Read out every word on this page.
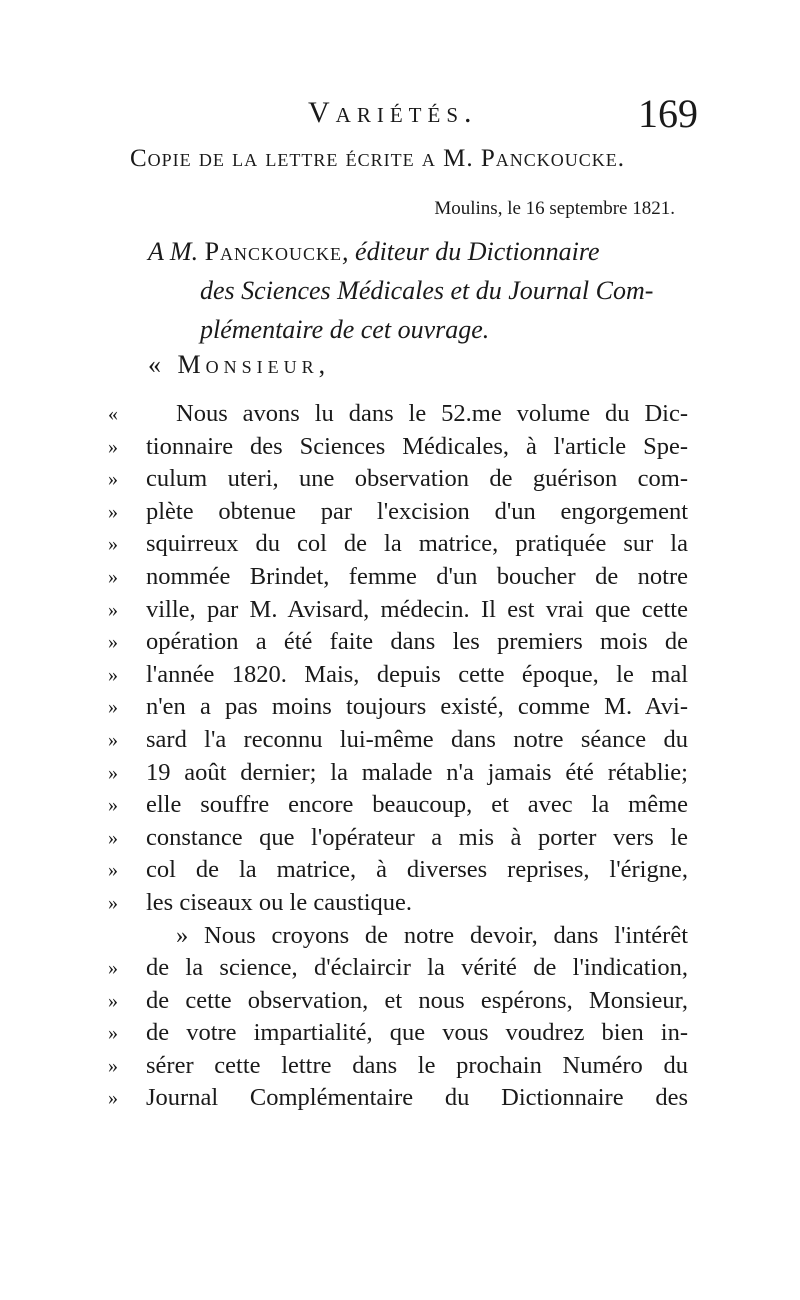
Variétés.	169
Copie de la lettre écrite a M. Panckoucke.
Moulins, le 16 septembre 1821.
A M. Panckoucke, éditeur du Dictionnaire
des Sciences Médicales et du Journal Com-
plémentaire de cet ouvrage.
« Monsieur,
«	Nous avons lu dans le 52.me volume du Dic-
»	tionnaire des Sciences Médicales, à l'article Spe-
»	culum uteri, une observation de guérison com-
»	plète obtenue par l'excision d'un engorgement
»	squirreux du col de la matrice, pratiquée sur la
»	nommée Brindet, femme d'un boucher de notre
»	ville, par M. Avisard, médecin. Il est vrai que cette
»	opération a été faite dans les premiers mois de
»	l'année 1820. Mais, depuis cette époque, le mal
»	n'en a pas moins toujours existé, comme M. Avi-
»	sard l'a reconnu lui-même dans notre séance du
»	19 août dernier; la malade n'a jamais été rétablie;
»	elle souffre encore beaucoup, et avec la même
»	constance que l'opérateur a mis à porter vers le
»	col de la matrice, à diverses reprises, l'érigne,
»	les ciseaux ou le caustique.
» Nous croyons de notre devoir, dans l'intérêt
»	de la science, d'éclaircir la vérité de l'indication,
»	de cette observation, et nous espérons, Monsieur,
»	de votre impartialité, que vous voudrez bien in-
»	sérer cette lettre dans le prochain Numéro du
»	Journal Complémentaire du Dictionnaire des
